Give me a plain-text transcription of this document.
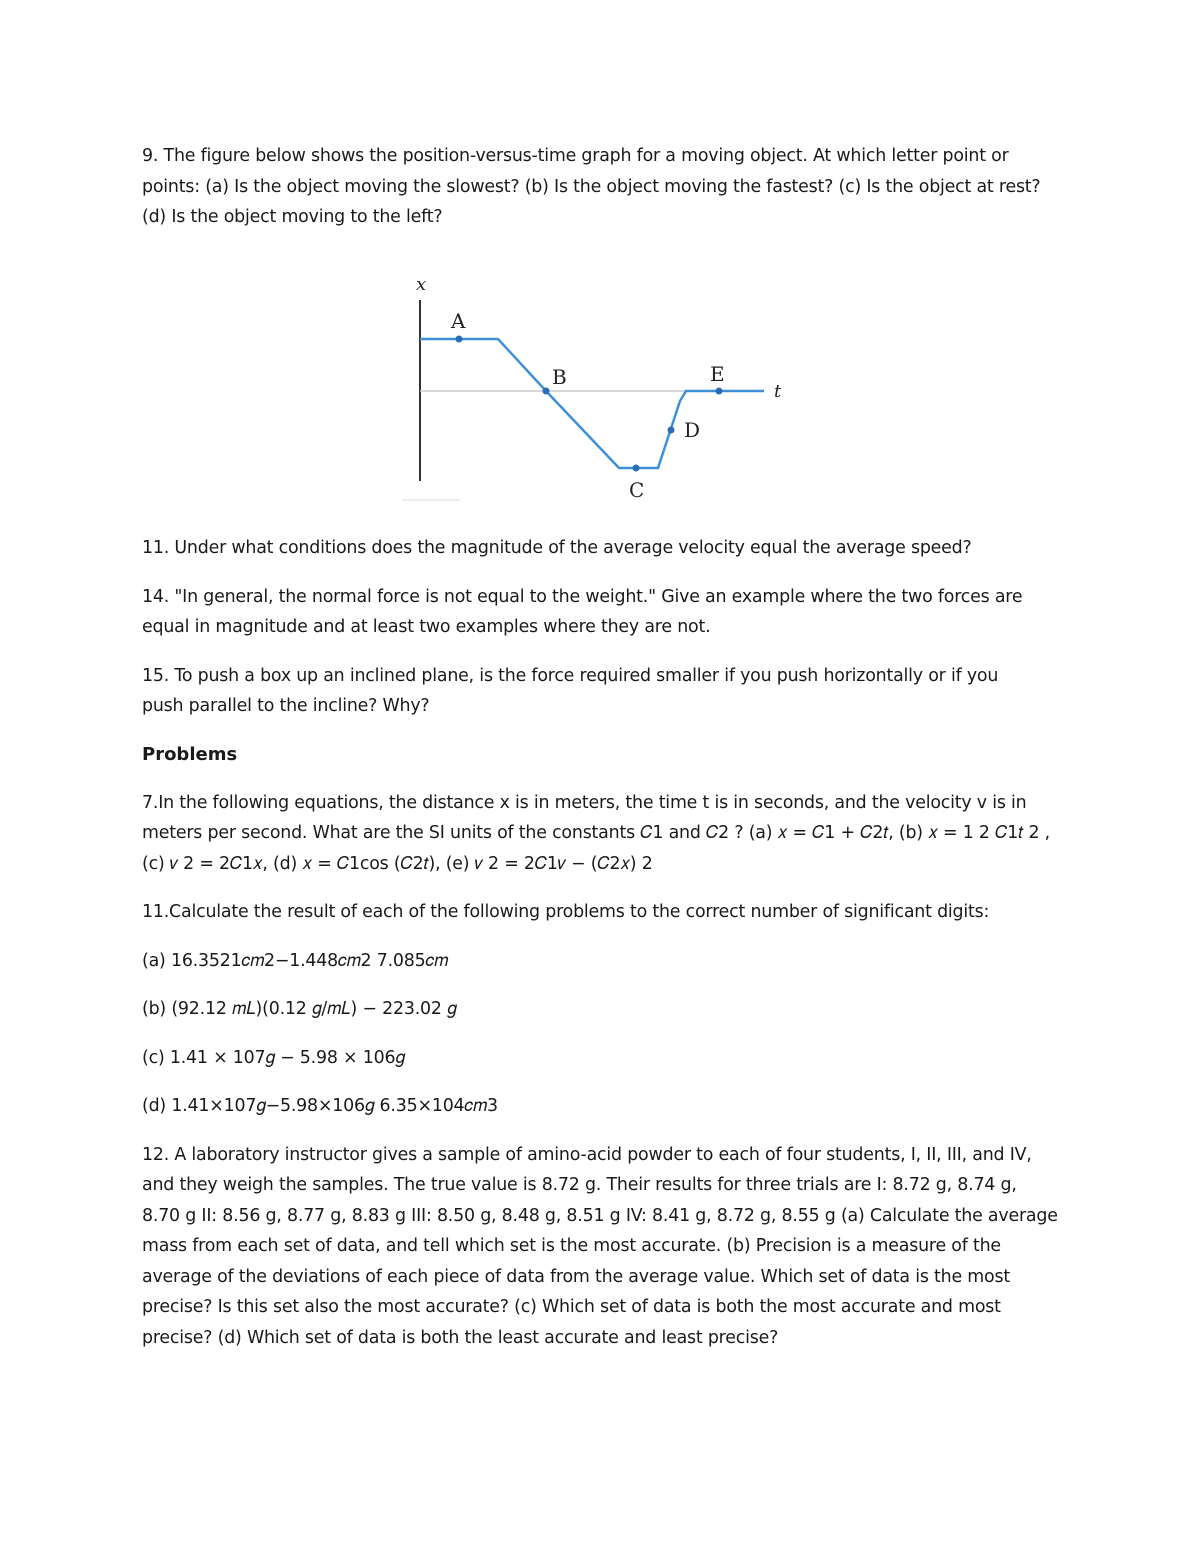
9. The figure below shows the position-versus-time graph for a moving object. At which letter point or points: (a) Is the object moving the slowest? (b) Is the object moving the fastest? (c) Is the object at rest? (d) Is the object moving to the left?

x
t
A
B
C
D
E

11. Under what conditions does the magnitude of the average velocity equal the average speed?

14. "In general, the normal force is not equal to the weight." Give an example where the two forces are equal in magnitude and at least two examples where they are not.

15. To push a box up an inclined plane, is the force required smaller if you push horizontally or if you push parallel to the incline? Why?

Problems

7.In the following equations, the distance x is in meters, the time t is in seconds, and the velocity v is in

meters per second. What are the SI units of the constants 𝐶1 and 𝐶2 ? (a) 𝑥 = 𝐶1 + 𝐶2𝑡, (b) 𝑥 = 1 2 𝐶1𝑡 2 ,

(c) 𝑣 2 = 2𝐶1𝑥, (d) 𝑥 = 𝐶1cos (𝐶2𝑡), (e) 𝑣 2 = 2𝐶1𝑣 − (𝐶2𝑥) 2

11.Calculate the result of each of the following problems to the correct number of significant digits:

(a) 16.3521𝑐𝑚2−1.448𝑐𝑚2 7.085𝑐𝑚

(b) (92.12 𝑚𝐿)(0.12 𝑔/𝑚𝐿) − 223.02 𝑔

(c) 1.41 × 107𝑔 − 5.98 × 106𝑔

(d) 1.41×107𝑔−5.98×106𝑔 6.35×104𝑐𝑚3

12. A laboratory instructor gives a sample of amino-acid powder to each of four students, I, II, III, and IV,

and they weigh the samples. The true value is 8.72 g. Their results for three trials are I: 8.72 g, 8.74 g,

8.70 g II: 8.56 g, 8.77 g, 8.83 g III: 8.50 g, 8.48 g, 8.51 g IV: 8.41 g, 8.72 g, 8.55 g (a) Calculate the average

mass from each set of data, and tell which set is the most accurate. (b) Precision is a measure of the

average of the deviations of each piece of data from the average value. Which set of data is the most

precise? Is this set also the most accurate? (c) Which set of data is both the most accurate and most

precise? (d) Which set of data is both the least accurate and least precise?
